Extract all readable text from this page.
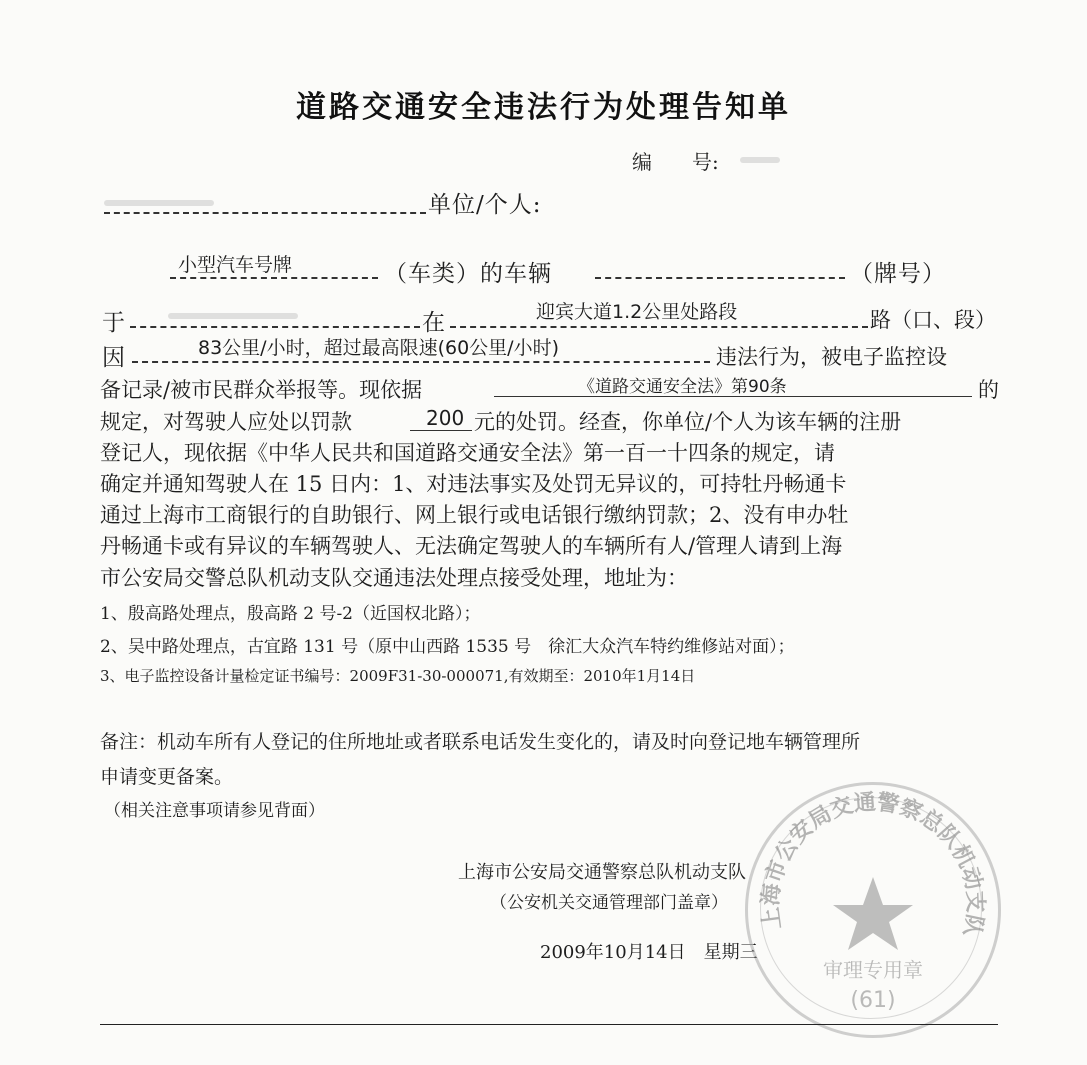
道路交通安全违法行为处理告知单
编　　号:
单位/个人:
小型汽车号牌	（车类）的车辆	（牌号）
于	在	迎宾大道1.2公里处路段	路（口、段）
因	83公里/小时，超过最高限速(60公里/小时)	违法行为，被电子监控设
备记录/被市民群众举报等。现依据	《道路交通安全法》第90条	的
规定，对驾驶人应处以罚款	200 元的处罚。经查，你单位/个人为该车辆的注册
登记人，现依据《中华人民共和国道路交通安全法》第一百一十四条的规定，请
确定并通知驾驶人在 15 日内：1、对违法事实及处罚无异议的，可持牡丹畅通卡
通过上海市工商银行的自助银行、网上银行或电话银行缴纳罚款；2、没有申办牡
丹畅通卡或有异议的车辆驾驶人、无法确定驾驶人的车辆所有人/管理人请到上海
市公安局交警总队机动支队交通违法处理点接受处理，地址为：
1、殷高路处理点，殷高路 2 号-2（近国权北路）；
2、吴中路处理点，古宜路 131 号（原中山西路 1535 号　徐汇大众汽车特约维修站对面）；
3、电子监控设备计量检定证书编号：2009F31-30-000071,有效期至：2010年1月14日
备注：机动车所有人登记的住所地址或者联系电话发生变化的，请及时向登记地车辆管理所
申请变更备案。
（相关注意事项请参见背面）
上海市公安局交通警察总队机动支队
（公安机关交通管理部门盖章）
2009年10月14日　星期三
上海市公安局交通警察总队机动支队
审理专用章
(61)
